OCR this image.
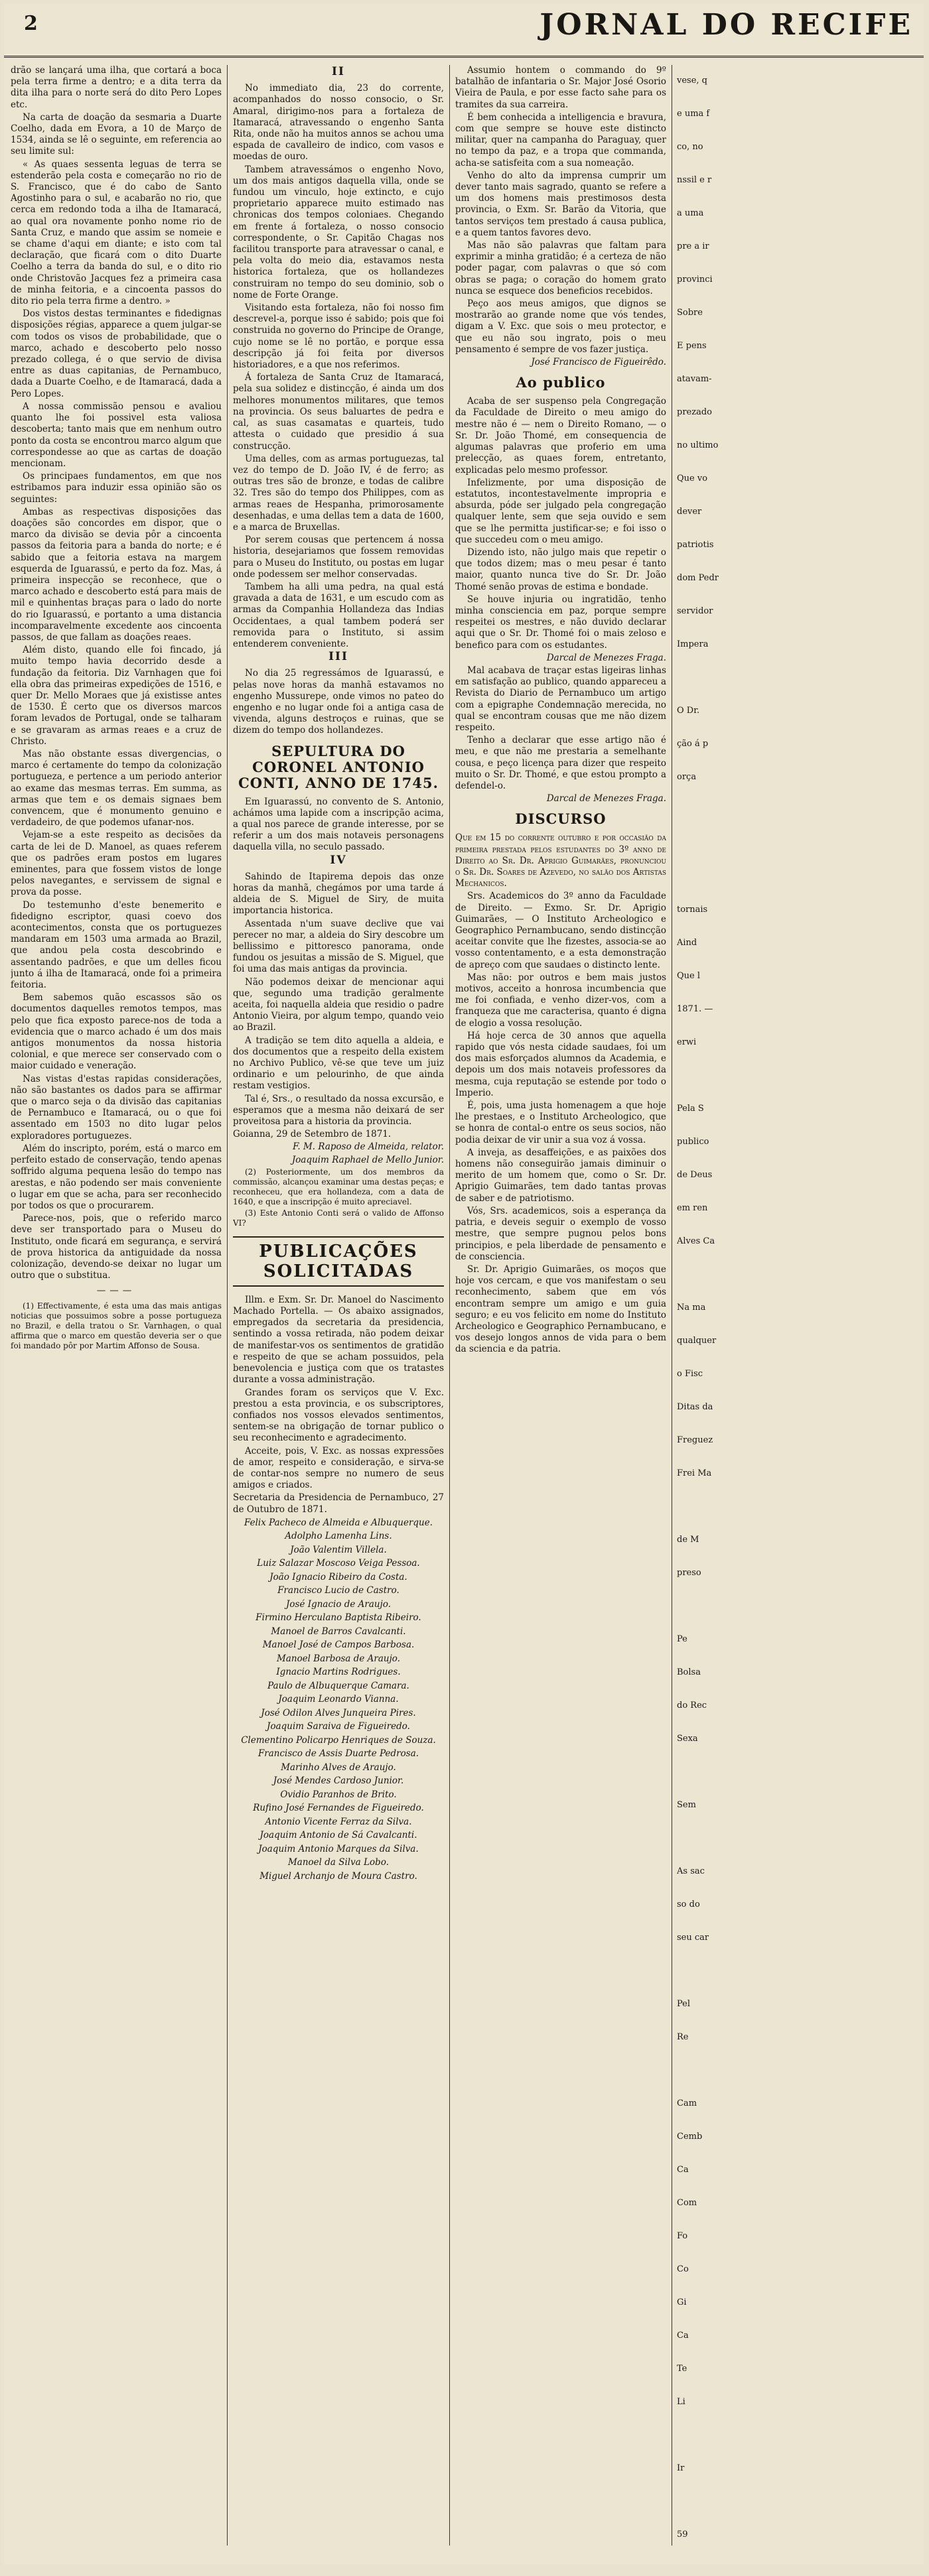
2	JORNAL DO RECIFE

drão se lançará uma ilha, que cortará a boca pela terra firme a dentro; e a dita terra da dita ilha para o norte será do dito Pero Lopes etc.

Na carta de doação da sesmaria a Duarte Coelho, dada em Evora, a 10 de Março de 1534, ainda se lê o seguinte, em referencia ao seu limite sul:

« As quaes sessenta leguas de terra se estenderão pela costa e começarão no rio de S. Francisco, que é do cabo de Santo Agostinho para o sul, e acabarão no rio, que cerca em redondo toda a ilha de Itamaracá, ao qual ora novamente ponho nome rio de Santa Cruz, e mando que assim se nomeie e se chame d'aqui em diante; e isto com tal declaração, que ficará com o dito Duarte Coelho a terra da banda do sul, e o dito rio onde Christovão Jacques fez a primeira casa de minha feitoria, e a cincoenta passos do dito rio pela terra firme a dentro. »

Dos vistos destas terminantes e fidedignas disposições régias, apparece a quem julgar-se com todos os visos de probabilidade, que o marco, achado e descoberto pelo nosso prezado collega, é o que servio de divisa entre as duas capitanias, de Pernambuco, dada a Duarte Coelho, e de Itamaracá, dada a Pero Lopes.

A nossa commissão pensou e avaliou quanto lhe foi possivel esta valiosa descoberta; tanto mais que em nenhum outro ponto da costa se encontrou marco algum que correspondesse ao que as cartas de doação mencionam.

Os principaes fundamentos, em que nos estribamos para induzir essa opinião são os seguintes:

Ambas as respectivas disposições das doações são concordes em dispor, que o marco da divisão se devia pôr a cincoenta passos da feitoria para a banda do norte; e é sabido que a feitoria estava na margem esquerda de Iguarassú, e perto da foz. Mas, á primeira inspecção se reconhece, que o marco achado e descoberto está para mais de mil e quinhentas braças para o lado do norte do rio Iguarassú, e portanto a uma distancia incomparavelmente excedente aos cincoenta passos, de que fallam as doações reaes.

Além disto, quando elle foi fincado, já muito tempo havia decorrido desde a fundação da feitoria. Diz Varnhagen que foi ella obra das primeiras expedições de 1516, e quer Dr. Mello Moraes que já existisse antes de 1530. É certo que os diversos marcos foram levados de Portugal, onde se talharam e se gravaram as armas reaes e a cruz de Christo.

Mas não obstante essas divergencias, o marco é certamente do tempo da colonização portugueza, e pertence a um periodo anterior ao exame das mesmas terras. Em summa, as armas que tem e os demais signaes bem convencem, que é monumento genuino e verdadeiro, de que podemos ufanar-nos.

Vejam-se a este respeito as decisões da carta de lei de D. Manoel, as quaes referem que os padrões eram postos em lugares eminentes, para que fossem vistos de longe pelos navegantes, e servissem de signal e prova da posse.

Do testemunho d'este benemerito e fidedigno escriptor, quasi coevo dos acontecimentos, consta que os portuguezes mandaram em 1503 uma armada ao Brazil, que andou pela costa descobrindo e assentando padrões, e que um delles ficou junto á ilha de Itamaracá, onde foi a primeira feitoria.

Bem sabemos quão escassos são os documentos daquelles remotos tempos, mas pelo que fica exposto parece-nos de toda a evidencia que o marco achado é um dos mais antigos monumentos da nossa historia colonial, e que merece ser conservado com o maior cuidado e veneração.

Nas vistas d'estas rapidas considerações, não são bastantes os dados para se affirmar que o marco seja o da divisão das capitanias de Pernambuco e Itamaracá, ou o que foi assentado em 1503 no dito lugar pelos exploradores portuguezes.

Além do inscripto, porém, está o marco em perfeito estado de conservação, tendo apenas soffrido alguma pequena lesão do tempo nas arestas, e não podendo ser mais conveniente o lugar em que se acha, para ser reconhecido por todos os que o procurarem.

Parece-nos, pois, que o referido marco deve ser transportado para o Museu do Instituto, onde ficará em segurança, e servirá de prova historica da antiguidade da nossa colonização, devendo-se deixar no lugar um outro que o substitua.

———

(1) Effectivamente, é esta uma das mais antigas noticias que possuimos sobre a posse portugueza no Brazil, e della tratou o Sr. Varnhagen, o qual affirma que o marco em questão deveria ser o que foi mandado pôr por Martim Affonso de Sousa.

II

No immediato dia, 23 do corrente, acompanhados do nosso consocio, o Sr. Amaral, dirigimo-nos para a fortaleza de Itamaracá, atravessando o engenho Santa Rita, onde não ha muitos annos se achou uma espada de cavalleiro de indico, com vasos e moedas de ouro.

Tambem atravessámos o engenho Novo, um dos mais antigos daquella villa, onde se fundou um vinculo, hoje extincto, e cujo proprietario apparece muito estimado nas chronicas dos tempos coloniaes. Chegando em frente á fortaleza, o nosso consocio correspondente, o Sr. Capitão Chagas nos facilitou transporte para atravessar o canal, e pela volta do meio dia, estavamos nesta historica fortaleza, que os hollandezes construiram no tempo do seu dominio, sob o nome de Forte Orange.

Visitando esta fortaleza, não foi nosso fim descrevel-a, porque isso é sabido; pois que foi construida no governo do Principe de Orange, cujo nome se lê no portão, e porque essa descripção já foi feita por diversos historiadores, e a que nos referimos.

Á fortaleza de Santa Cruz de Itamaracá, pela sua solidez e distincção, é ainda um dos melhores monumentos militares, que temos na provincia. Os seus baluartes de pedra e cal, as suas casamatas e quarteis, tudo attesta o cuidado que presidio á sua construcção.

Uma delles, com as armas portuguezas, tal vez do tempo de D. João IV, é de ferro; as outras tres são de bronze, e todas de calibre 32. Tres são do tempo dos Philippes, com as armas reaes de Hespanha, primorosamente desenhadas, e uma dellas tem a data de 1600, e a marca de Bruxellas.

Por serem cousas que pertencem á nossa historia, desejariamos que fossem removidas para o Museu do Instituto, ou postas em lugar onde podessem ser melhor conservadas.

Tambem ha alli uma pedra, na qual está gravada a data de 1631, e um escudo com as armas da Companhia Hollandeza das Indias Occidentaes, a qual tambem poderá ser removida para o Instituto, si assim entenderem conveniente.

III

No dia 25 regressámos de Iguarassú, e pelas nove horas da manhã estavamos no engenho Mussurepe, onde vimos no pateo do engenho e no lugar onde foi a antiga casa de vivenda, alguns destroços e ruinas, que se dizem do tempo dos hollandezes.

SEPULTURA DO CORONEL ANTONIO CONTI, ANNO DE 1745.

Em Iguarassú, no convento de S. Antonio, achámos uma lapide com a inscripção acima, a qual nos parece de grande interesse, por se referir a um dos mais notaveis personagens daquella villa, no seculo passado.

IV

Sahindo de Itapirema depois das onze horas da manhã, chegámos por uma tarde á aldeia de S. Miguel de Siry, de muita importancia historica.

Assentada n'um suave declive que vai perecer no mar, a aldeia do Siry descobre um bellissimo e pittoresco panorama, onde fundou os jesuitas a missão de S. Miguel, que foi uma das mais antigas da provincia.

Não podemos deixar de mencionar aqui que, segundo uma tradição geralmente aceita, foi naquella aldeia que residio o padre Antonio Vieira, por algum tempo, quando veio ao Brazil.

A tradição se tem dito aquella a aldeia, e dos documentos que a respeito della existem no Archivo Publico, vê-se que teve um juiz ordinario e um pelourinho, de que ainda restam vestigios.

Tal é, Srs., o resultado da nossa excursão, e esperamos que a mesma não deixará de ser proveitosa para a historia da provincia.

Goianna, 29 de Setembro de 1871.

F. M. Raposo de Almeida, relator.

Joaquim Raphael de Mello Junior.

(2) Posteriormente, um dos membros da commissão, alcançou examinar uma destas peças; e reconheceu, que era hollandeza, com a data de 1640, e que a inscripção é muito apreciavel.

(3) Este Antonio Conti será o valido de Affonso VI?

PUBLICAÇÕES SOLICITADAS

Illm. e Exm. Sr. Dr. Manoel do Nascimento Machado Portella. — Os abaixo assignados, empregados da secretaria da presidencia, sentindo a vossa retirada, não podem deixar de manifestar-vos os sentimentos de gratidão e respeito de que se acham possuidos, pela benevolencia e justiça com que os tratastes durante a vossa administração.

Grandes foram os serviços que V. Exc. prestou a esta provincia, e os subscriptores, confiados nos vossos elevados sentimentos, sentem-se na obrigação de tornar publico o seu reconhecimento e agradecimento.

Acceite, pois, V. Exc. as nossas expressões de amor, respeito e consideração, e sirva-se de contar-nos sempre no numero de seus amigos e criados.

Secretaria da Presidencia de Pernambuco, 27 de Outubro de 1871.

Felix Pacheco de Almeida e Albuquerque.

Adolpho Lamenha Lins.

João Valentim Villela.

Luiz Salazar Moscoso Veiga Pessoa.

João Ignacio Ribeiro da Costa.

Francisco Lucio de Castro.

José Ignacio de Araujo.

Firmino Herculano Baptista Ribeiro.

Manoel de Barros Cavalcanti.

Manoel José de Campos Barbosa.

Manoel Barbosa de Araujo.

Ignacio Martins Rodrigues.

Paulo de Albuquerque Camara.

Joaquim Leonardo Vianna.

José Odilon Alves Junqueira Pires.

Joaquim Saraiva de Figueiredo.

Clementino Policarpo Henriques de Souza.

Francisco de Assis Duarte Pedrosa.

Marinho Alves de Araujo.

José Mendes Cardoso Junior.

Ovidio Paranhos de Brito.

Rufino José Fernandes de Figueiredo.

Antonio Vicente Ferraz da Silva.

Joaquim Antonio de Sá Cavalcanti.

Joaquim Antonio Marques da Silva.

Manoel da Silva Lobo.

Miguel Archanjo de Moura Castro.

Assumio hontem o commando do 9º batalhão de infantaria o Sr. Major José Osorio Vieira de Paula, e por esse facto sahe para os tramites da sua carreira.

É bem conhecida a intelligencia e bravura, com que sempre se houve este distincto militar, quer na campanha do Paraguay, quer no tempo da paz, e a tropa que commanda, acha-se satisfeita com a sua nomeação.

Venho do alto da imprensa cumprir um dever tanto mais sagrado, quanto se refere a um dos homens mais prestimosos desta provincia, o Exm. Sr. Barão da Vitoria, que tantos serviços tem prestado á causa publica, e a quem tantos favores devo.

Mas não são palavras que faltam para exprimir a minha gratidão; é a certeza de não poder pagar, com palavras o que só com obras se paga; o coração do homem grato nunca se esquece dos beneficios recebidos.

Peço aos meus amigos, que dignos se mostrarão ao grande nome que vós tendes, digam a V. Exc. que sois o meu protector, e que eu não sou ingrato, pois o meu pensamento é sempre de vos fazer justiça.

José Francisco de Figueirêdo.

Ao publico

Acaba de ser suspenso pela Congregação da Faculdade de Direito o meu amigo do mestre não é — nem o Direito Romano, — o Sr. Dr. João Thomé, em consequencia de algumas palavras que proferio em uma prelecção, as quaes forem, entretanto, explicadas pelo mesmo professor.

Infelizmente, por uma disposição de estatutos, incontestavelmente impropria e absurda, póde ser julgado pela congregação qualquer lente, sem que seja ouvido e sem que se lhe permitta justificar-se; e foi isso o que succedeu com o meu amigo.

Dizendo isto, não julgo mais que repetir o que todos dizem; mas o meu pesar é tanto maior, quanto nunca tive do Sr. Dr. João Thomé senão provas de estima e bondade.

Se houve injuria ou ingratidão, tenho minha consciencia em paz, porque sempre respeitei os mestres, e não duvido declarar aqui que o Sr. Dr. Thomé foi o mais zeloso e benefico para com os estudantes.

Darcal de Menezes Fraga.

Mal acabava de traçar estas ligeiras linhas em satisfação ao publico, quando appareceu a Revista do Diario de Pernambuco um artigo com a epigraphe Condemnação merecida, no qual se encontram cousas que me não dizem respeito.

Tenho a declarar que esse artigo não é meu, e que não me prestaria a semelhante cousa, e peço licença para dizer que respeito muito o Sr. Dr. Thomé, e que estou prompto a defendel-o.

Darcal de Menezes Fraga.

DISCURSO

Que em 15 do corrente outubro e por occasião da primeira prestada pelos estudantes do 3º anno de Direito ao Sr. Dr. Aprigio Guimarães, pronunciou o Sr. Dr. Soares de Azevedo, no salão dos Artistas Mechanicos.

Srs. Academicos do 3º anno da Faculdade de Direito. — Exmo. Sr. Dr. Aprigio Guimarães, — O Instituto Archeologico e Geographico Pernambucano, sendo distincção aceitar convite que lhe fizestes, associa-se ao vosso contentamento, e a esta demonstração de apreço com que saudaes o distincto lente.

Mas não: por outros e bem mais justos motivos, acceito a honrosa incumbencia que me foi confiada, e venho dizer-vos, com a franqueza que me caracterisa, quanto é digna de elogio a vossa resolução.

Há hoje cerca de 30 annos que aquella rapido que vós nesta cidade saudaes, foi um dos mais esforçados alumnos da Academia, e depois um dos mais notaveis professores da mesma, cuja reputação se estende por todo o Imperio.

É, pois, uma justa homenagem a que hoje lhe prestaes, e o Instituto Archeologico, que se honra de contal-o entre os seus socios, não podia deixar de vir unir a sua voz á vossa.

A inveja, as desaffeições, e as paixões dos homens não conseguirão jamais diminuir o merito de um homem que, como o Sr. Dr. Aprigio Guimarães, tem dado tantas provas de saber e de patriotismo.

Vós, Srs. academicos, sois a esperança da patria, e deveis seguir o exemplo de vosso mestre, que sempre pugnou pelos bons principios, e pela liberdade de pensamento e de consciencia.

Sr. Dr. Aprigio Guimarães, os moços que hoje vos cercam, e que vos manifestam o seu reconhecimento, sabem que em vós encontram sempre um amigo e um guia seguro; e eu vos felicito em nome do Instituto Archeologico e Geographico Pernambucano, e vos desejo longos annos de vida para o bem da sciencia e da patria.

vese, q

e uma f

co, no

nssil e r

a uma

pre a ir

provinci

Sobre

E pens

atavam-

prezado

no ultimo

Que vo

dever

patriotis

dom Pedr

servidor

Impera

O Dr.

ção á p

orça

tornais

Aind

Que l

1871. —

erwi

Pela S

publico

de Deus

em ren

Alves Ca

Na ma

qualquer

o Fisc

Ditas da

Freguez

Frei Ma

de M

preso

Pe

Bolsa

do Rec

Sexa

Sem

As sac

so do

seu car

Pel

Re

Cam

Cemb

Ca

Com

Fo

Co

Gi

Ca

Te

Li

Ir

59
